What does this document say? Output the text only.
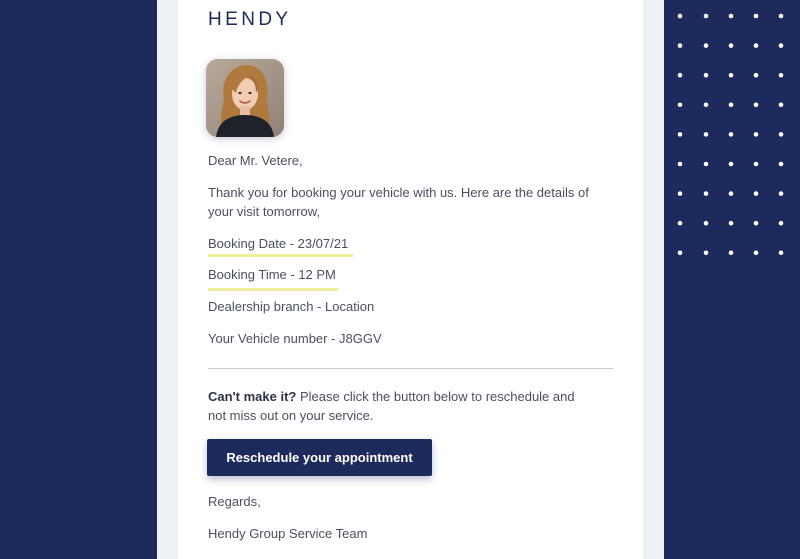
HENDY
Dear Mr. Vetere,
Thank you for booking your vehicle with us. Here are the details of
your visit tomorrow,
Booking Date - 23/07/21
Booking Time - 12 PM
Dealership branch - Location
Your Vehicle number - J8GGV
Can't make it? Please click the button below to reschedule and
not miss out on your service.
Reschedule your appointment
Regards,
Hendy Group Service Team
